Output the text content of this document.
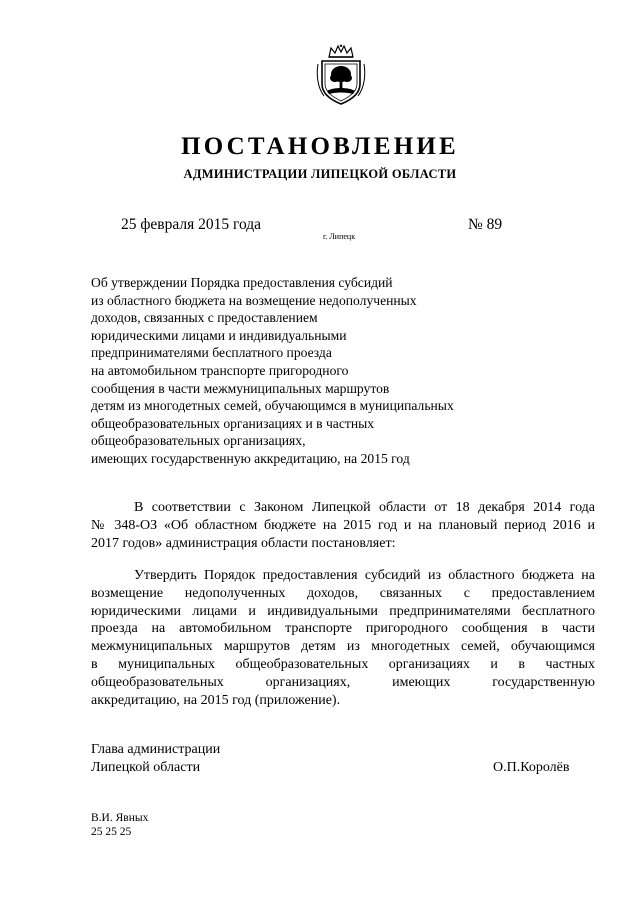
ПОСТАНОВЛЕНИЕ
АДМИНИСТРАЦИИ ЛИПЕЦКОЙ ОБЛАСТИ
25 февраля 2015 года
г. Липецк
№ 89
Об утверждении Порядка предоставления субсидий
из областного бюджета на возмещение недополученных
доходов, связанных с предоставлением
юридическими лицами и индивидуальными
предпринимателями бесплатного проезда
на автомобильном транспорте пригородного
сообщения в части межмуниципальных маршрутов
детям из многодетных семей, обучающимся в муниципальных
общеобразовательных организациях и в частных
общеобразовательных организациях,
имеющих государственную аккредитацию, на 2015 год
В соответствии с Законом Липецкой области от 18 декабря 2014 года
№ 348-ОЗ «Об областном бюджете на 2015 год и на плановый период 2016 и
2017 годов» администрация области постановляет:
Утвердить Порядок предоставления субсидий из областного бюджета на
возмещение недополученных доходов, связанных с предоставлением
юридическими лицами и индивидуальными предпринимателями бесплатного
проезда на автомобильном транспорте пригородного сообщения в части
межмуниципальных маршрутов детям из многодетных семей, обучающимся
в муниципальных общеобразовательных организациях и в частных
общеобразовательных организациях, имеющих государственную
аккредитацию, на 2015 год (приложение).
Глава администрации
Липецкой области	О.П.Королёв
В.И. Явных
25 25 25
